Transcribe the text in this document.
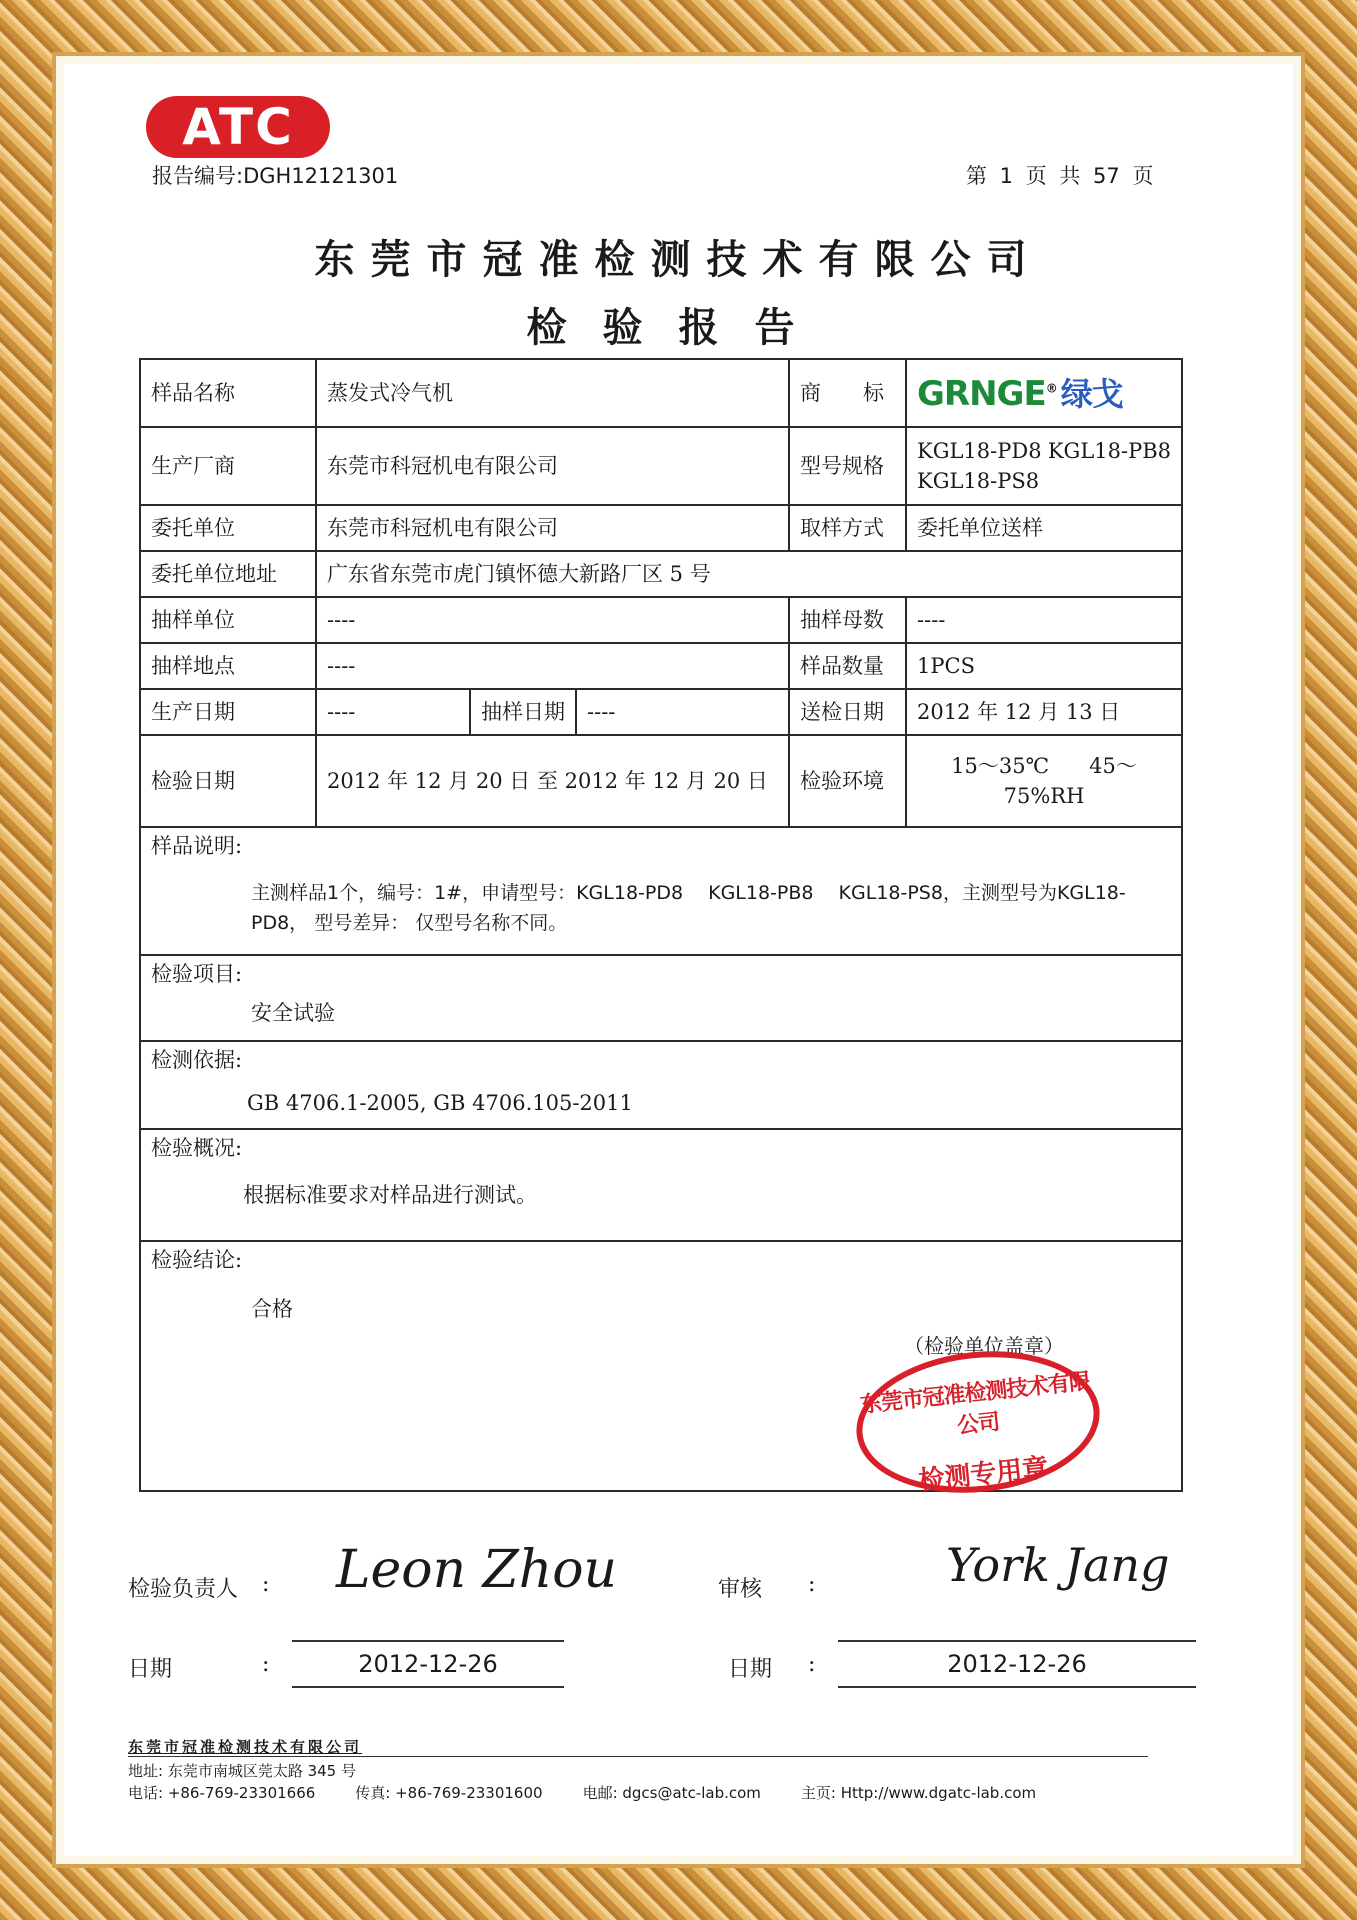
ATC
报告编号:DGH12121301	第 1 页 共 57 页
东莞市冠准检测技术有限公司
检验报告
样品名称	蒸发式冷气机			商　　标	GRNGE® 绿戈
生产厂商	东莞市科冠机电有限公司			型号规格	KGL18-PD8 KGL18-PB8
KGL18-PS8

委托单位	东莞市科冠机电有限公司			取样方式	委托单位送样
委托单位地址	广东省东莞市虎门镇怀德大新路厂区 5 号				
抽样单位	----			抽样母数	----
抽样地点	----			样品数量	1PCS
生产日期	----	抽样日期	----	送检日期	2012 年 12 月 13 日
检验日期	2012 年 12 月 20 日 至 2012 年 12 月 20 日			检验环境	15～35℃ 45～75%RH

样品说明:
主测样品1个，编号：1#，申请型号：KGL18-PD8　 KGL18-PB8　 KGL18-PS8，主测型号为KGL18-PD8， 型号差异： 仅型号名称不同。					

检验项目:
安全试验					

检测依据:
GB 4706.1-2005, GB 4706.105-2011					

检验概况:
根据标准要求对样品进行测试。					

检验结论:
合格					
（检验单位盖章）
东莞市冠准检测技术有限公司
检测专用章
检验负责人 : Leon Zhou	审核 :	York Jang
日期	:	2012-12-26	日期 :	2012-12-26
东莞市冠准检测技术有限公司
地址: 东莞市南城区莞太路 345 号
电话: +86-769-23301666	传真: +86-769-23301600	电邮: dgcs@atc-lab.com	主页: Http://www.dgatc-lab.com
